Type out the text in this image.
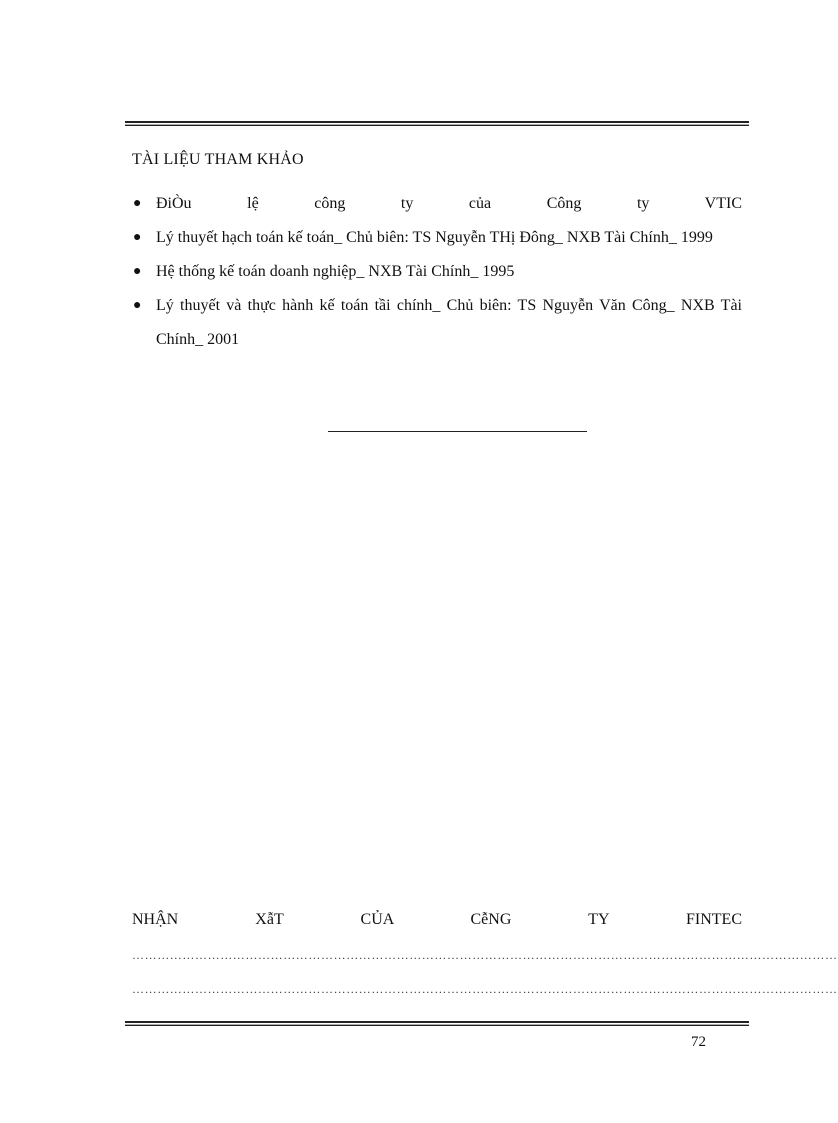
TÀI LIỆU THAM KHẢO
● ĐiÒu lệ công ty của Công ty VTIC
● Lý thuyết hạch toán kế toán_ Chủ biên: TS Nguyễn THị Đông_ NXB Tài Chính_ 1999
● Hệ thống kế toán doanh nghiệp_ NXB Tài Chính_ 1995
● Lý thuyết và thực hành kế toán tầi chính_ Chủ biên: TS Nguyễn Văn Công_ NXB Tài Chính_ 2001
NHẬN XẫT CỦA CễNG TY FINTEC
……………………………………………………………………………………………………………………………………………………
……………………………………………………………………………………………………………………………………………………
72
